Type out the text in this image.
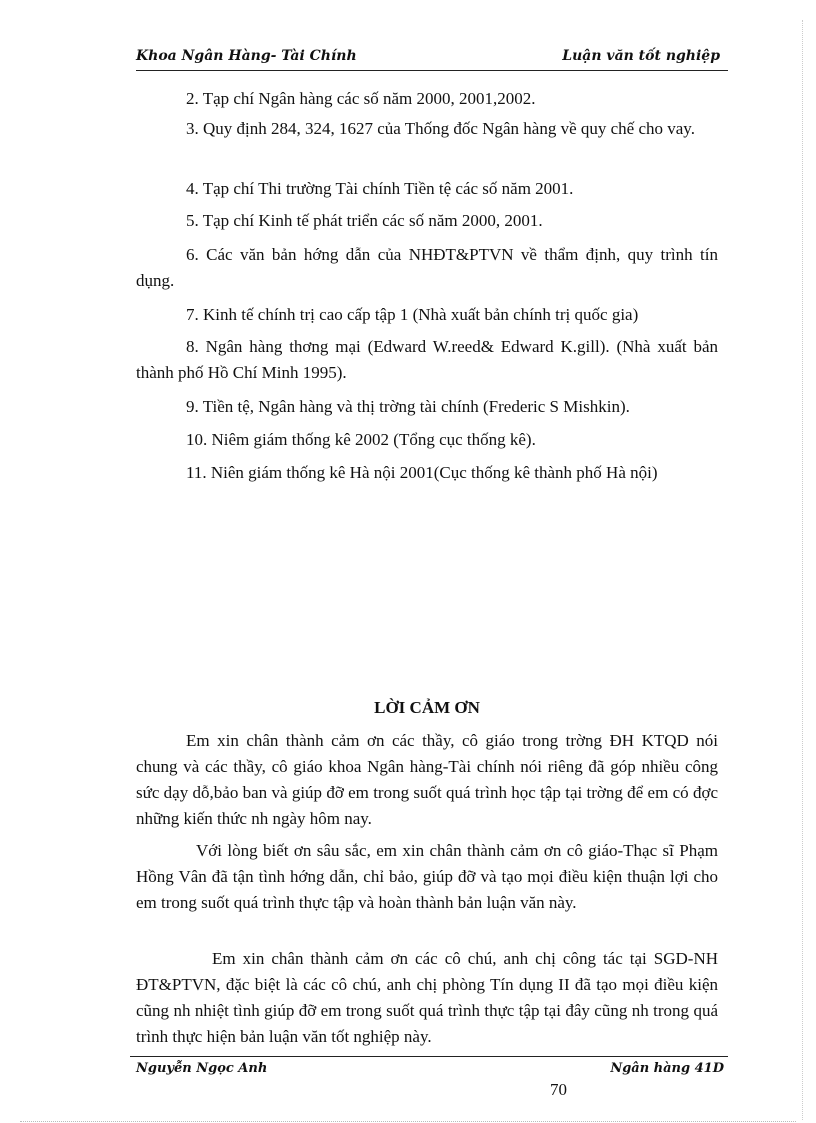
Khoa Ngân Hàng- Tài Chính	Luận văn tốt nghiệp
2. Tạp chí Ngân hàng các số năm 2000, 2001,2002.
3. Quy định 284, 324, 1627 của Thống đốc Ngân hàng về quy chế cho vay.
4. Tạp chí Thi trường Tài chính Tiền tệ các số năm 2001.
5. Tạp chí Kinh tế phát triển các số năm 2000, 2001.
6. Các văn bản hớng dẫn của NHĐT&PTVN về thẩm định, quy trình tín dụng.
7. Kinh tế chính trị cao cấp tập 1 (Nhà xuất bản chính trị quốc gia)
8. Ngân hàng thơng mại (Edward W.reed& Edward K.gill). (Nhà xuất bản thành phố Hồ Chí Minh 1995).
9. Tiền tệ, Ngân hàng và thị trờng tài chính (Frederic S Mishkin).
10. Niêm giám thống kê 2002 (Tổng cục thống kê).
11. Niên giám thống kê Hà nội 2001(Cục thống kê thành phố Hà nội)
LỜI CẢM ƠN
Em xin chân thành cảm ơn các thầy, cô giáo trong trờng ĐH KTQD nói chung và các thầy, cô giáo khoa Ngân hàng-Tài chính nói riêng đã góp nhiều công sức dạy dỗ,bảo ban và giúp đỡ em trong suốt quá trình học tập tại trờng để em có đợc những kiến thức nh ngày hôm nay.
Với lòng biết ơn sâu sắc, em xin chân thành cảm ơn cô giáo-Thạc sĩ Phạm Hồng Vân đã tận tình hớng dẫn, chỉ bảo, giúp đỡ và tạo mọi điều kiện thuận lợi cho em trong suốt quá trình thực tập và hoàn thành bản luận văn này.
Em xin chân thành cảm ơn các cô chú, anh chị công tác tại SGD-NH ĐT&PTVN, đặc biệt là các cô chú, anh chị phòng Tín dụng II đã tạo mọi điều kiện cũng nh nhiệt tình giúp đỡ em trong suốt quá trình thực tập tại đây cũng nh trong quá trình thực hiện bản luận văn tốt nghiệp này.
Nguyễn Ngọc Anh	Ngân hàng 41D
70
